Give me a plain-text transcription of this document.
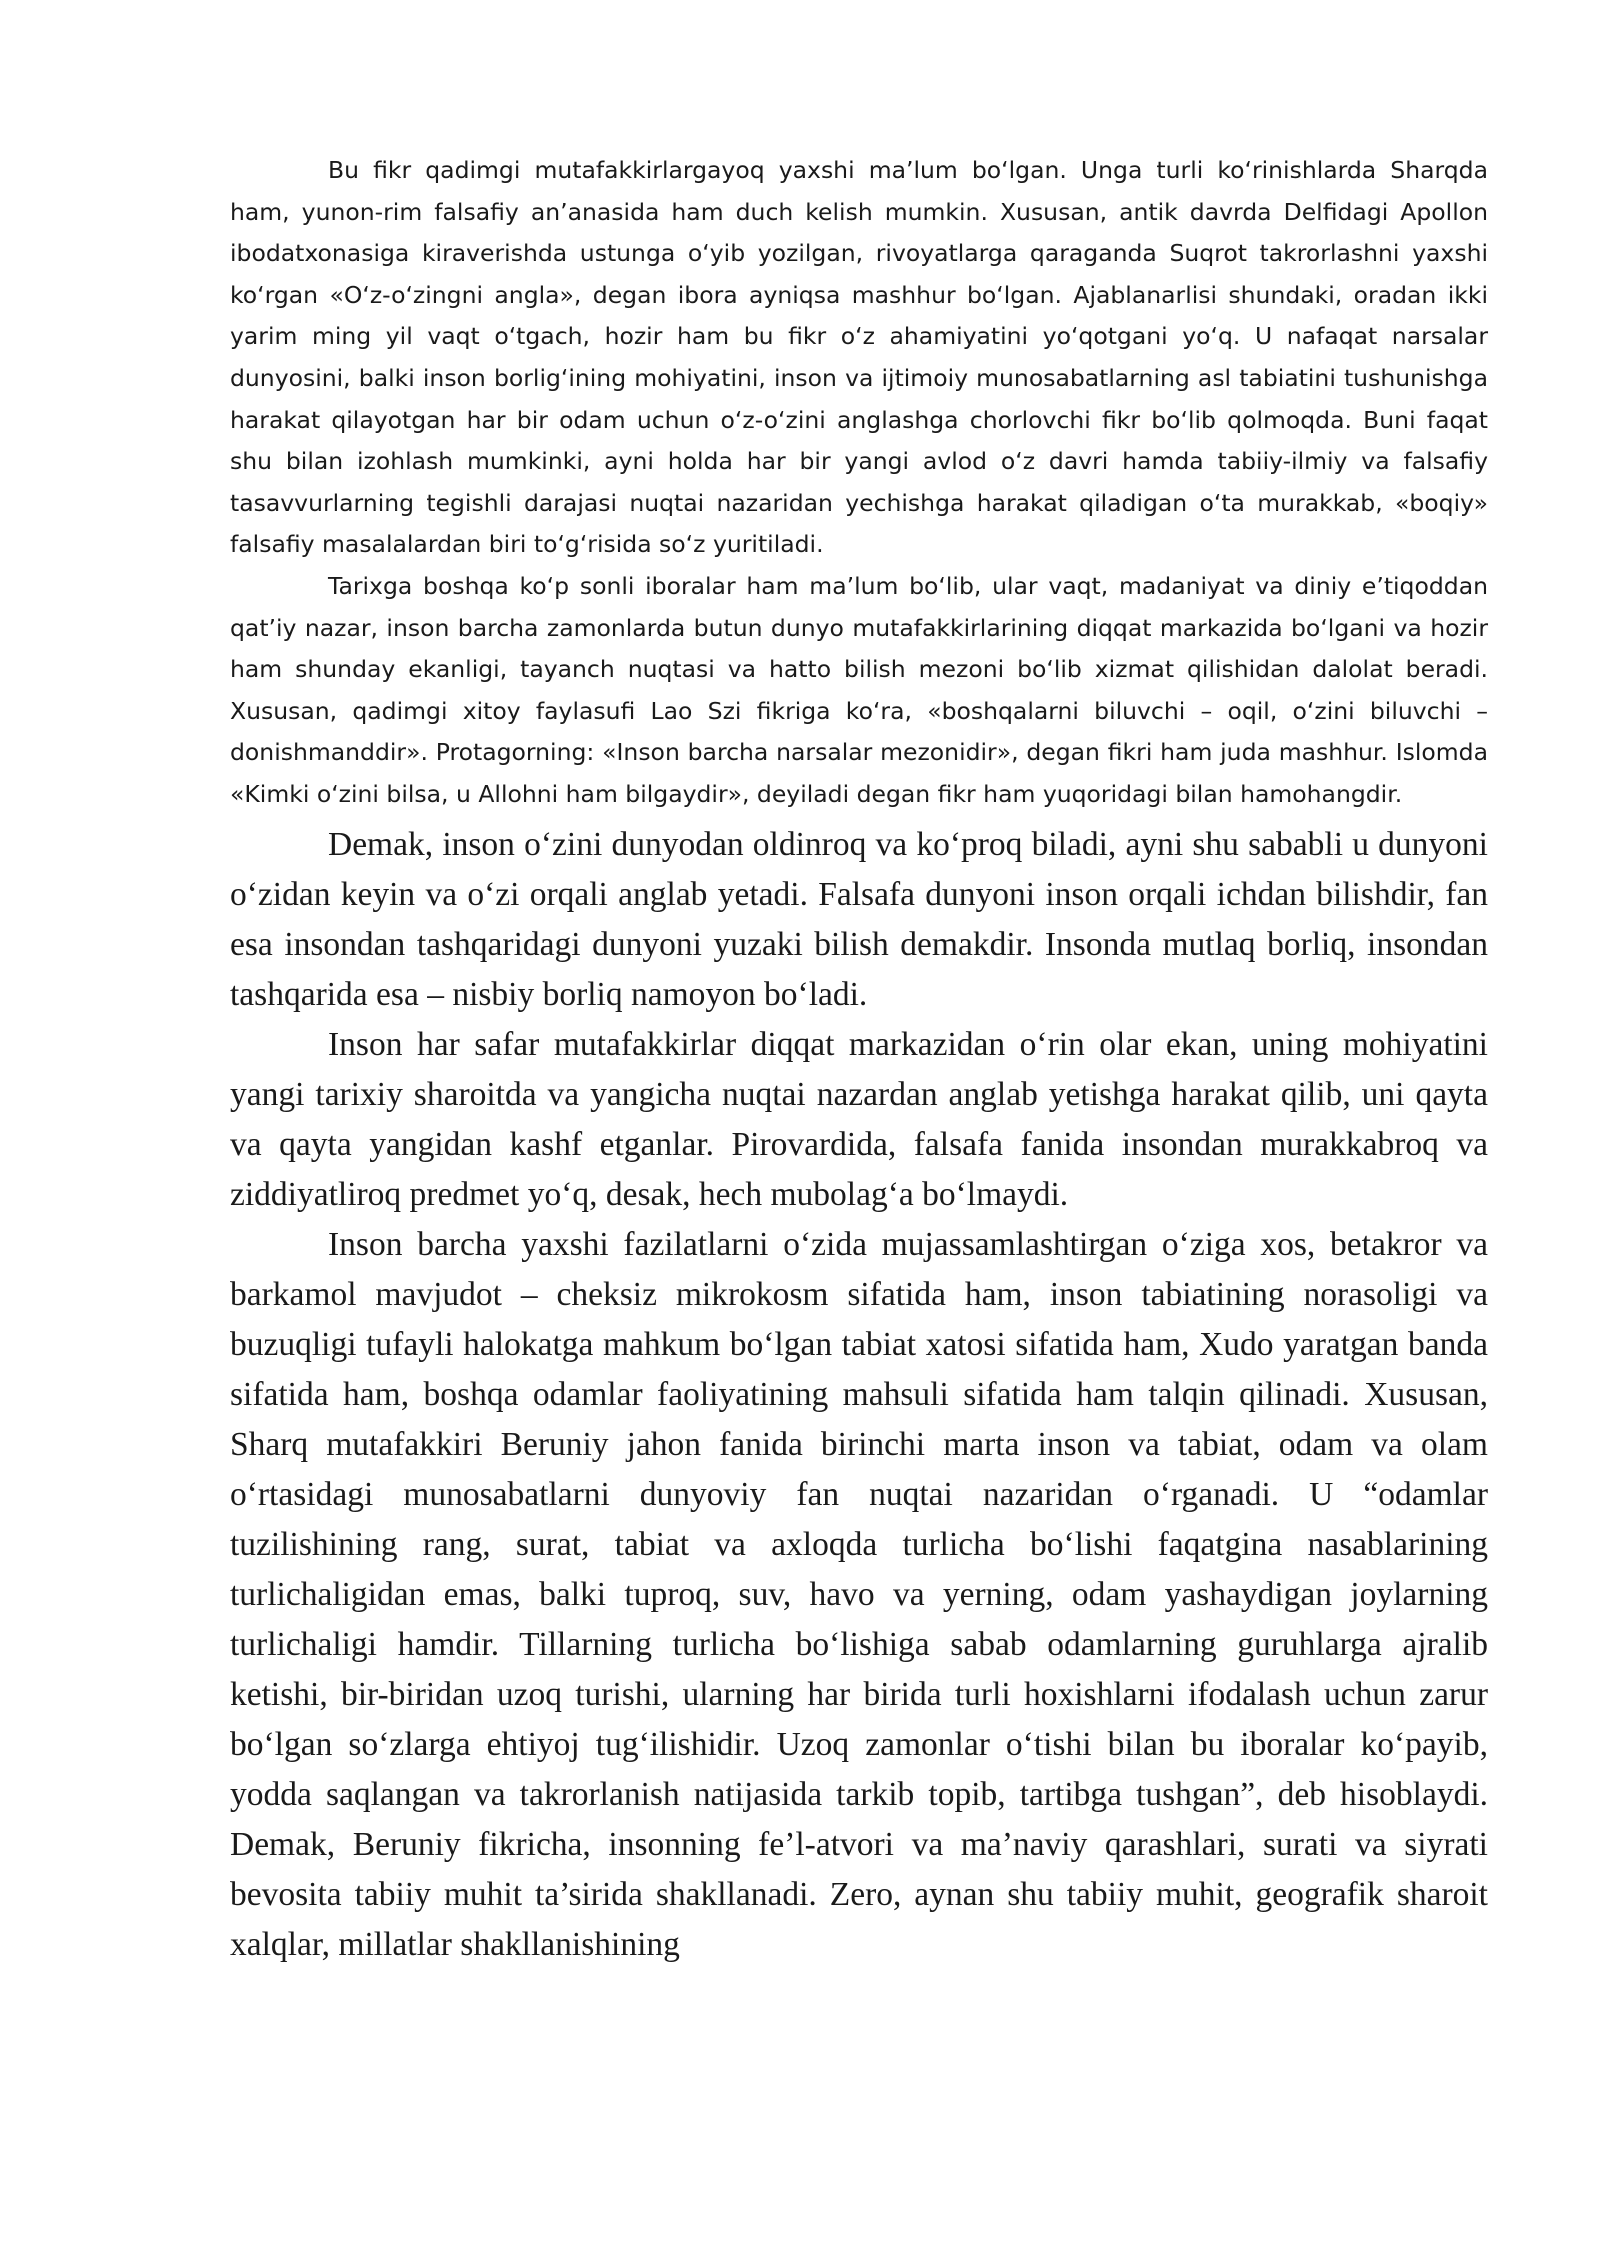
Bu fikr qadimgi mutafakkirlargayoq yaxshi ma’lum bo‘lgan. Unga turli ko‘rinishlarda Sharqda ham, yunon-rim falsafiy an’anasida ham duch kelish mumkin. Xususan, antik davrda Delfidagi Apollon ibodatxonasiga kiraverishda ustunga o‘yib yozilgan, rivoyatlarga qaraganda Suqrot takrorlashni yaxshi ko‘rgan «O‘z-o‘zingni angla», degan ibora ayniqsa mashhur bo‘lgan. Ajablanarlisi shundaki, oradan ikki yarim ming yil vaqt o‘tgach, hozir ham bu fikr o‘z ahamiyatini yo‘qotgani yo‘q. U nafaqat narsalar dunyosini, balki inson borlig‘ining mohiyatini, inson va ijtimoiy munosabatlarning asl tabiatini tushunishga harakat qilayotgan har bir odam uchun o‘z-o‘zini anglashga chorlovchi fikr bo‘lib qolmoqda. Buni faqat shu bilan izohlash mumkinki, ayni holda har bir yangi avlod o‘z davri hamda tabiiy-ilmiy va falsafiy tasavvurlarning tegishli darajasi nuqtai nazaridan yechishga harakat qiladigan o‘ta murakkab, «boqiy» falsafiy masalalardan biri to‘g‘risida so‘z yuritiladi.

Tarixga boshqa ko‘p sonli iboralar ham ma’lum bo‘lib, ular vaqt, madaniyat va diniy e’tiqoddan qat’iy nazar, inson barcha zamonlarda butun dunyo mutafakkirlarining diqqat markazida bo‘lgani va hozir ham shunday ekanligi, tayanch nuqtasi va hatto bilish mezoni bo‘lib xizmat qilishidan dalolat beradi. Xususan, qadimgi xitoy faylasufi Lao Szi fikriga ko‘ra, «boshqalarni biluvchi – oqil, o‘zini biluvchi – donishmanddir». Protagorning: «Inson barcha narsalar mezonidir», degan fikri ham juda mashhur. Islomda «Kimki o‘zini bilsa, u Allohni ham bilgaydir», deyiladi degan fikr ham yuqoridagi bilan hamohangdir.

Demak, inson o‘zini dunyodan oldinroq va ko‘proq biladi, ayni shu sababli u dunyoni o‘zidan keyin va o‘zi orqali anglab yetadi. Falsafa dunyoni inson orqali ichdan bilishdir, fan esa insondan tashqaridagi dunyoni yuzaki bilish demakdir. Insonda mutlaq borliq, insondan tashqarida esa – nisbiy borliq namoyon bo‘ladi.

Inson har safar mutafakkirlar diqqat markazidan o‘rin olar ekan, uning mohiyatini yangi tarixiy sharoitda va yangicha nuqtai nazardan anglab yetishga harakat qilib, uni qayta va qayta yangidan kashf etganlar. Pirovardida, falsafa fanida insondan murakkabroq va ziddiyatliroq predmet yo‘q, desak, hech mubolag‘a bo‘lmaydi.

Inson barcha yaxshi fazilatlarni o‘zida mujassamlashtirgan o‘ziga xos, betakror va barkamol mavjudot – cheksiz mikrokosm sifatida ham, inson tabiatining norasoligi va buzuqligi tufayli halokatga mahkum bo‘lgan tabiat xatosi sifatida ham, Xudo yaratgan banda sifatida ham, boshqa odamlar faoliyatining mahsuli sifatida ham talqin qilinadi. Xususan, Sharq mutafakkiri Beruniy jahon fanida birinchi marta inson va tabiat, odam va olam o‘rtasidagi munosabatlarni dunyoviy fan nuqtai nazaridan o‘rganadi. U “odamlar tuzilishining rang, surat, tabiat va axloqda turlicha bo‘lishi faqatgina nasablarining turlichaligidan emas, balki tuproq, suv, havo va yerning, odam yashaydigan joylarning turlichaligi hamdir. Tillarning turlicha bo‘lishiga sabab odamlarning guruhlarga ajralib ketishi, bir-biridan uzoq turishi, ularning har birida turli hoxishlarni ifodalash uchun zarur bo‘lgan so‘zlarga ehtiyoj tug‘ilishidir. Uzoq zamonlar o‘tishi bilan bu iboralar ko‘payib, yodda saqlangan va takrorlanish natijasida tarkib topib, tartibga tushgan”, deb hisoblaydi. Demak, Beruniy fikricha, insonning fe’l-atvori va ma’naviy qarashlari, surati va siyrati bevosita tabiiy muhit ta’sirida shakllanadi. Zero, aynan shu tabiiy muhit, geografik sharoit xalqlar, millatlar shakllanishining
